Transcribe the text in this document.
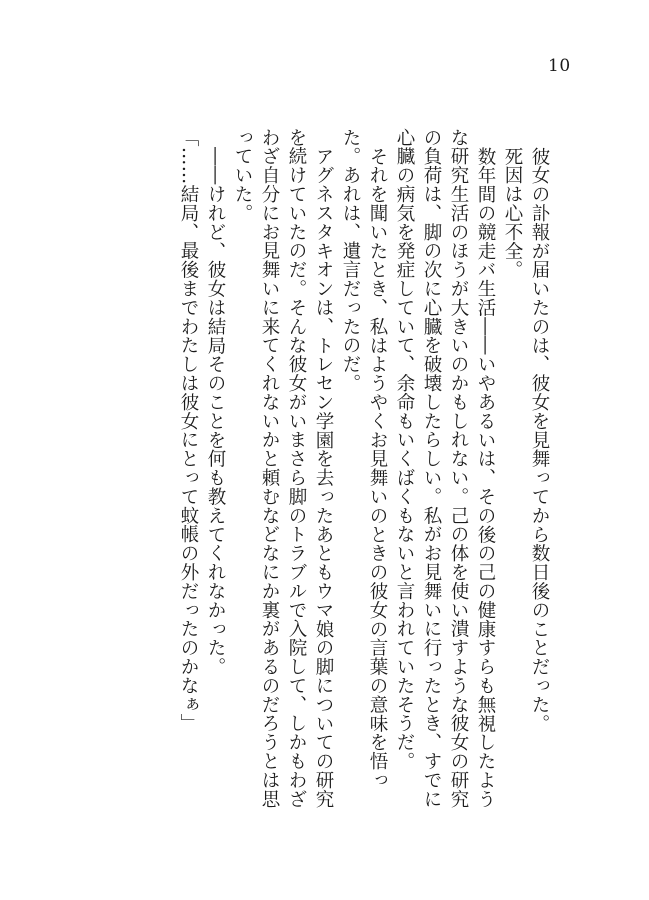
10

彼女の訃報が届いたのは、彼女を見舞ってから数日後のことだった。

死因は心不全。

数年間の競走バ生活――いやあるいは、その後の己の健康すらも無視したような研究生活のほうが大きいのかもしれない。己の体を使い潰すような彼女の研究の負荷は、脚の次に心臓を破壊したらしい。私がお見舞いに行ったとき、すでに心臓の病気を発症していて、余命もいくばくもないと言われていたそうだ。

それを聞いたとき、私はようやくお見舞いのときの彼女の言葉の意味を悟った。あれは、遺言だったのだ。

アグネスタキオンは、トレセン学園を去ったあともウマ娘の脚についての研究を続けていたのだ。そんな彼女がいまさら脚のトラブルで入院して、しかもわざわざ自分にお見舞いに来てくれないかと頼むなどなにか裏があるのだろうとは思っていた。

――けれど、彼女は結局そのことを何も教えてくれなかった。

「……結局、最後までわたしは彼女にとって蚊帳の外だったのかなぁ」
